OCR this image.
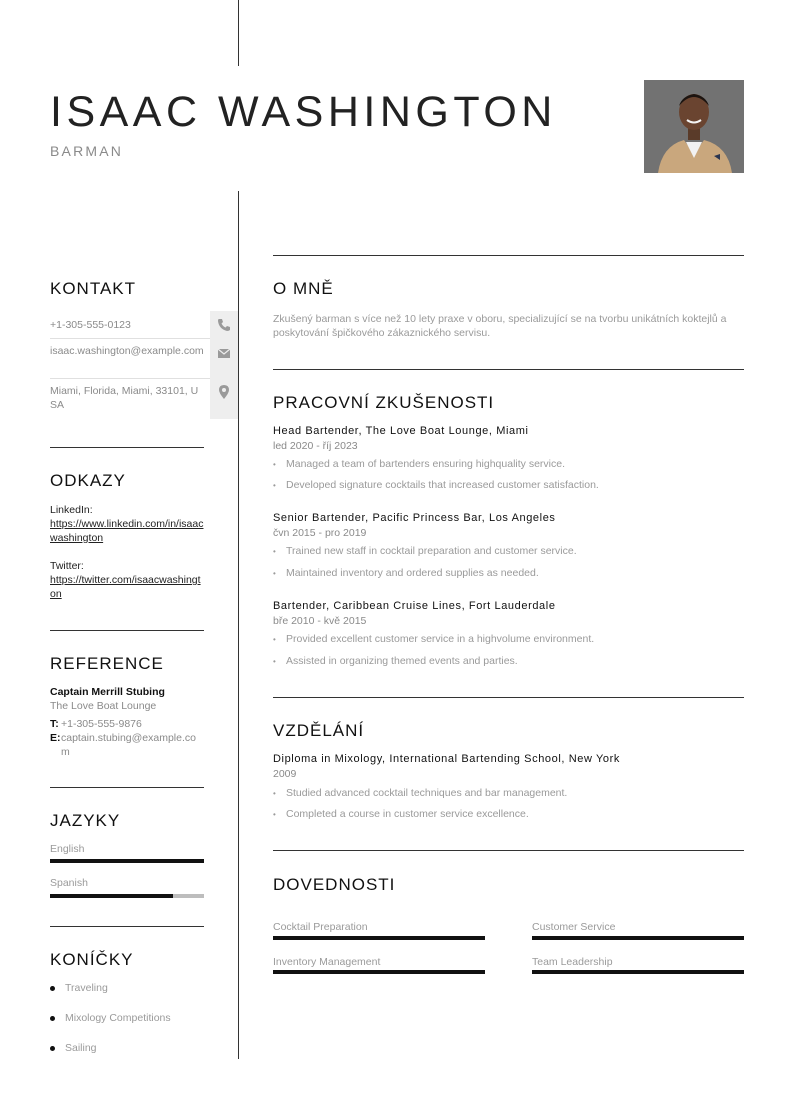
ISAAC WASHINGTON
BARMAN
KONTAKT
+1-305-555-0123
isaac.washington@example.com
Miami, Florida, Miami, 33101, USA
ODKAZY
LinkedIn:
https://www.linkedin.com/in/isaacwashington
Twitter:
https://twitter.com/isaacwashington
REFERENCE
Captain Merrill Stubing
The Love Boat Lounge
T: +1-305-555-9876
E: captain.stubing@example.com
JAZYKY
English
Spanish
KONÍČKY
Traveling
Mixology Competitions
Sailing
O MNĚ
Zkušený barman s více než 10 lety praxe v oboru, specializující se na tvorbu unikátních koktejlů a poskytování špičkového zákaznického servisu.
PRACOVNÍ ZKUŠENOSTI
Head Bartender, The Love Boat Lounge, Miami
led 2020 - říj 2023
• Managed a team of bartenders ensuring highquality service.
• Developed signature cocktails that increased customer satisfaction.
Senior Bartender, Pacific Princess Bar, Los Angeles
čvn 2015 - pro 2019
• Trained new staff in cocktail preparation and customer service.
• Maintained inventory and ordered supplies as needed.
Bartender, Caribbean Cruise Lines, Fort Lauderdale
bře 2010 - kvě 2015
• Provided excellent customer service in a highvolume environment.
• Assisted in organizing themed events and parties.
VZDĚLÁNÍ
Diploma in Mixology, International Bartending School, New York
2009
• Studied advanced cocktail techniques and bar management.
• Completed a course in customer service excellence.
DOVEDNOSTI
Cocktail Preparation	Customer Service
Inventory Management	Team Leadership
